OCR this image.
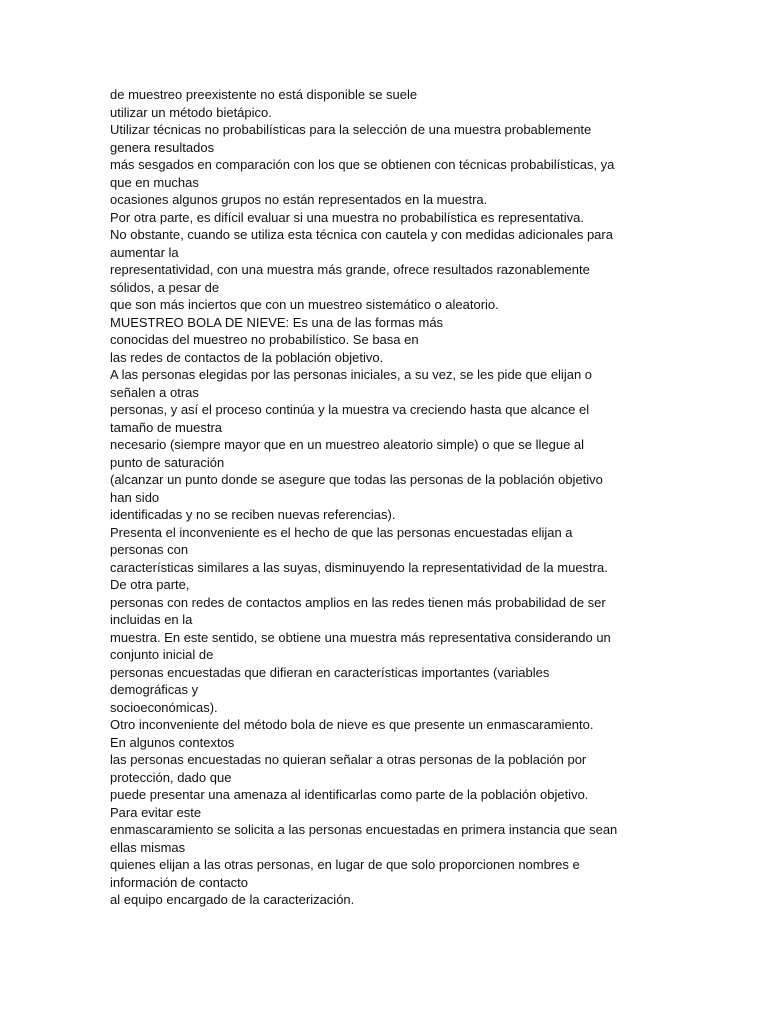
de muestreo preexistente no está disponible se suele
utilizar un método bietápico.
Utilizar técnicas no probabilísticas para la selección de una muestra probablemente
genera resultados
más sesgados en comparación con los que se obtienen con técnicas probabilísticas, ya
que en muchas
ocasiones algunos grupos no están representados en la muestra.
Por otra parte, es difícil evaluar si una muestra no probabilística es representativa.
No obstante, cuando se utiliza esta técnica con cautela y con medidas adicionales para
aumentar la
representatividad, con una muestra más grande, ofrece resultados razonablemente
sólidos, a pesar de
que son más inciertos que con un muestreo sistemático o aleatorio.
MUESTREO BOLA DE NIEVE: Es una de las formas más
conocidas del muestreo no probabilístico. Se basa en
las redes de contactos de la población objetivo.
A las personas elegidas por las personas iniciales, a su vez, se les pide que elijan o
señalen a otras
personas, y así el proceso continúa y la muestra va creciendo hasta que alcance el
tamaño de muestra
necesario (siempre mayor que en un muestreo aleatorio simple) o que se llegue al
punto de saturación
(alcanzar un punto donde se asegure que todas las personas de la población objetivo
han sido
identificadas y no se reciben nuevas referencias).
Presenta el inconveniente es el hecho de que las personas encuestadas elijan a
personas con
características similares a las suyas, disminuyendo la representatividad de la muestra.
De otra parte,
personas con redes de contactos amplios en las redes tienen más probabilidad de ser
incluidas en la
muestra. En este sentido, se obtiene una muestra más representativa considerando un
conjunto inicial de
personas encuestadas que difieran en características importantes (variables
demográficas y
socioeconómicas).
Otro inconveniente del método bola de nieve es que presente un enmascaramiento.
En algunos contextos
las personas encuestadas no quieran señalar a otras personas de la población por
protección, dado que
puede presentar una amenaza al identificarlas como parte de la población objetivo.
Para evitar este
enmascaramiento se solicita a las personas encuestadas en primera instancia que sean
ellas mismas
quienes elijan a las otras personas, en lugar de que solo proporcionen nombres e
información de contacto
al equipo encargado de la caracterización.
